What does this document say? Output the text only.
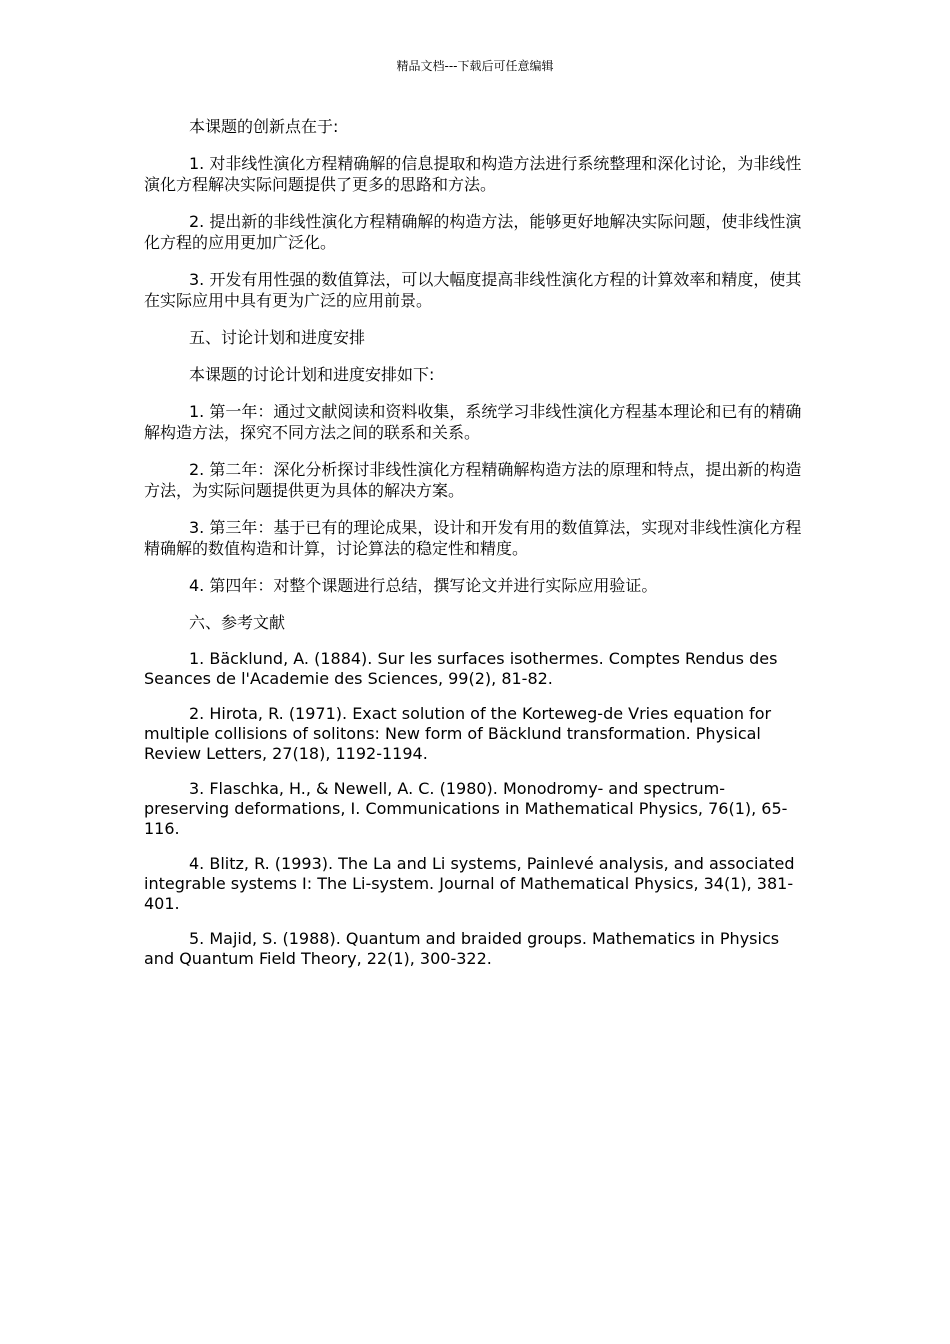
精品文档---下载后可任意编辑

本课题的创新点在于:

1. 对非线性演化方程精确解的信息提取和构造方法进行系统整理和深化讨论，为非线性演化方程解决实际问题提供了更多的思路和方法。

2. 提出新的非线性演化方程精确解的构造方法，能够更好地解决实际问题，使非线性演化方程的应用更加广泛化。

3. 开发有用性强的数值算法，可以大幅度提高非线性演化方程的计算效率和精度，使其在实际应用中具有更为广泛的应用前景。

五、讨论计划和进度安排

本课题的讨论计划和进度安排如下:

1. 第一年：通过文献阅读和资料收集，系统学习非线性演化方程基本理论和已有的精确解构造方法，探究不同方法之间的联系和关系。

2. 第二年：深化分析探讨非线性演化方程精确解构造方法的原理和特点，提出新的构造方法，为实际问题提供更为具体的解决方案。

3. 第三年：基于已有的理论成果，设计和开发有用的数值算法，实现对非线性演化方程精确解的数值构造和计算，讨论算法的稳定性和精度。

4. 第四年：对整个课题进行总结，撰写论文并进行实际应用验证。

六、参考文献

1. Bäcklund, A. (1884). Sur les surfaces isothermes. Comptes Rendus des Seances de l'Academie des Sciences, 99(2), 81-82.

2. Hirota, R. (1971). Exact solution of the Korteweg-de Vries equation for multiple collisions of solitons: New form of Bäcklund transformation. Physical Review Letters, 27(18), 1192-1194.

3. Flaschka, H., & Newell, A. C. (1980). Monodromy- and spectrum-preserving deformations, I. Communications in Mathematical Physics, 76(1), 65-116.

4. Blitz, R. (1993). The La and Li systems, Painlevé analysis, and associated integrable systems I: The Li-system. Journal of Mathematical Physics, 34(1), 381-401.

5. Majid, S. (1988). Quantum and braided groups. Mathematics in Physics and Quantum Field Theory, 22(1), 300-322.
